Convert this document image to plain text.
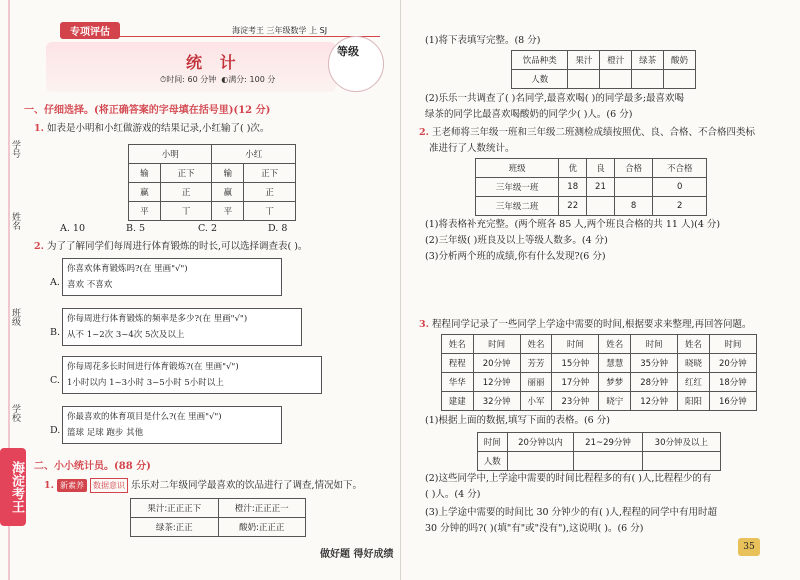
学号
姓名
班级
学校
海淀考王
专项评估	海淀考王 三年级数学 上 SJ
统 计
⏱时间: 60 分钟 ◐满分: 100 分
等级
一、仔细选择。(将正确答案的字母填在括号里)(12 分)
1. 如表是小明和小红做游戏的结果记录,小红输了( )次。
小明		小红	
输	正下	输	正下
赢	正	赢	正
平	丅	平	丅
A. 10	B. 5	C. 2	D. 8
2. 为了了解同学们每周进行体育锻炼的时长,可以选择调查表( )。
A.
你喜欢体育锻炼吗?(在 里画"√")
喜欢 不喜欢
B.
你每周进行体育锻炼的频率是多少?(在 里画"√")
从不 1~2次 3~4次 5次及以上
C.
你每周花多长时间进行体育锻炼?(在 里画"√")
1小时以内 1~3小时 3~5小时 5小时以上
D.
你最喜欢的体育项目是什么?(在 里画"√")
篮球 足球 跑步 其他
二、小小统计员。(88 分)
1. 新素养 数据意识 乐乐对二年级同学最喜欢的饮品进行了调查,情况如下。
果汁:正正正下	橙汁:正正正一
绿茶:正正	酸奶:正正正
(1)将下表填写完整。(8 分)
饮品种类	果汁	橙汁	绿茶	酸奶
人数				
(2)乐乐一共调查了( )名同学,最喜欢喝( )的同学最多;最喜欢喝
绿茶的同学比最喜欢喝酸奶的同学少( )人。(6 分)
2. 王老师将三年级一班和三年级二班测检成绩按照优、良、合格、不合格四类标
准进行了人数统计。
班级	优	良	合格	不合格
三年级一班	18	21		0
三年级二班	22		8	2
(1)将表格补充完整。(两个班各 85 人,两个班良合格的共 11 人)(4 分)
(2)三年级( )班良及以上等级人数多。(4 分)
(3)分析两个班的成绩,你有什么发现?(6 分)
3. 程程同学记录了一些同学上学途中需要的时间,根据要求来整理,再回答问题。
姓名	时间	姓名	时间	姓名	时间	姓名	时间
程程	20分钟	芳芳	15分钟	慧慧	35分钟	晓晓	20分钟
华华	12分钟	丽丽	17分钟	梦梦	28分钟	红红	18分钟
建建	32分钟	小军	23分钟	晓宁	12分钟	阳阳	16分钟
(1)根据上面的数据,填写下面的表格。(6 分)
时间	20分钟以内	21~29分钟	30分钟及以上
人数			
(2)这些同学中,上学途中需要的时间比程程多的有( )人,比程程少的有
( )人。(4 分)
(3)上学途中需要的时间比 30 分钟少的有( )人,程程的同学中有用时超
30 分钟的吗?( )(填"有"或"没有"),这说明( )。(6 分)
做好题 得好成绩
35
